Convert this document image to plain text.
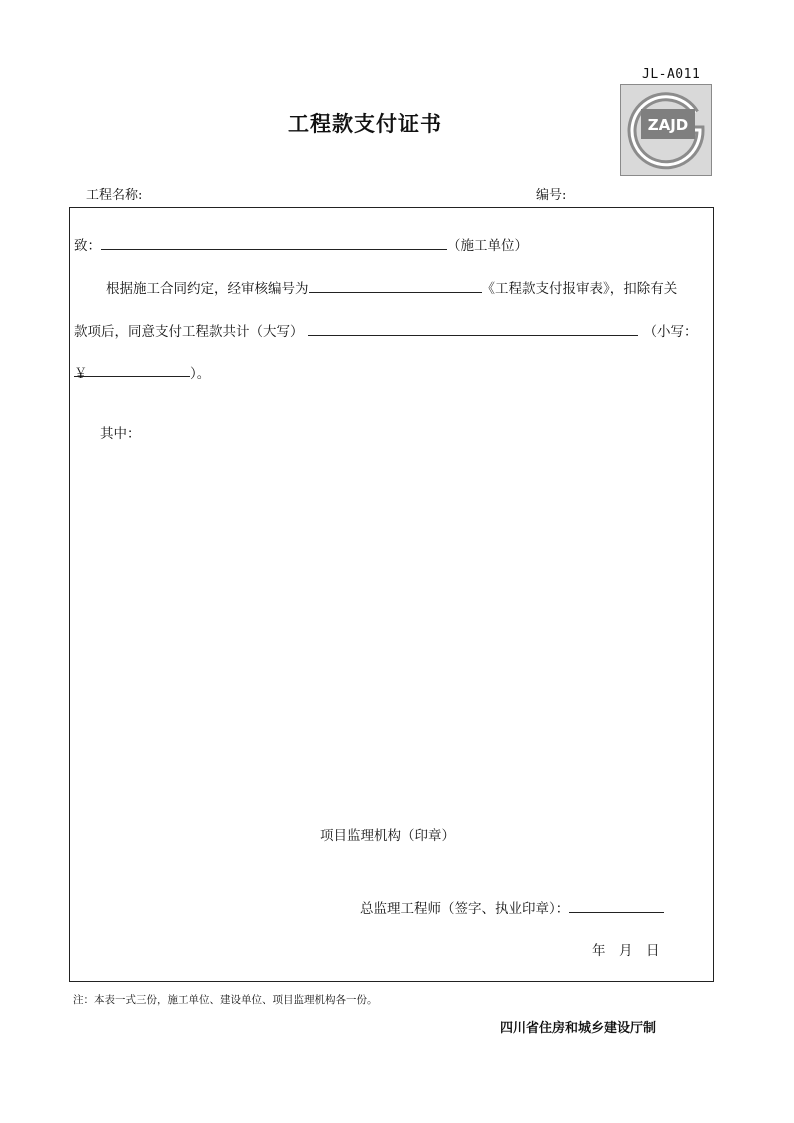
JL-A011
ZAJD
工程款支付证书
工程名称:	编号:
致：	（施工单位）
根据施工合同约定，经审核编号为	《工程款支付报审表》，扣除有关
款项后，同意支付工程款共计（大写）	（小写：
￥	）。
其中：
项目监理机构（印章）
总监理工程师（签字、执业印章）：
年　月　日
注：本表一式三份，施工单位、建设单位、项目监理机构各一份。
四川省住房和城乡建设厅制
